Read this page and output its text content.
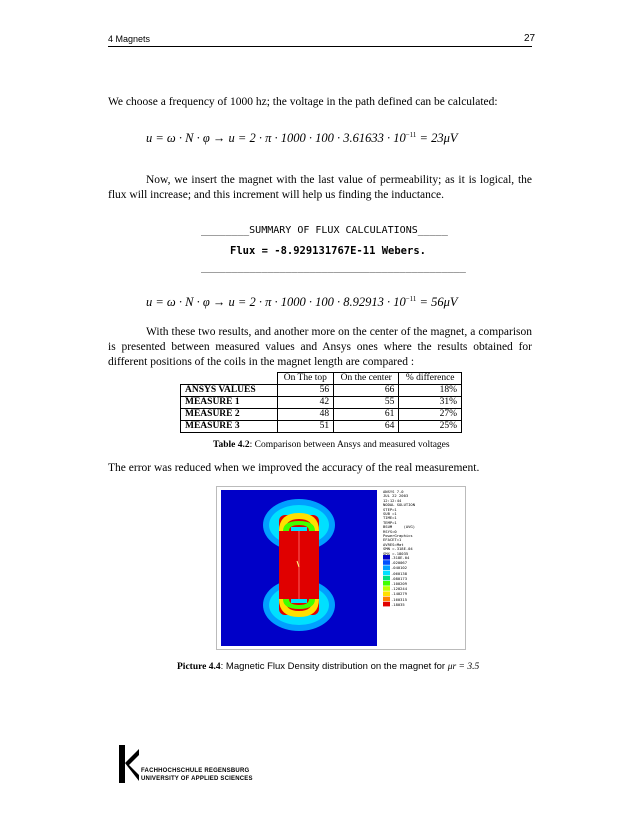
4 Magnets	27
We choose a frequency of 1000 hz; the voltage in the path defined can be calculated:
$u = \omega \cdot N \cdot \varphi \to u = 2 \cdot \pi \cdot 1000 \cdot 100 \cdot 3.61633 \cdot 10^{-11} = 23\mu V$
Now, we insert the magnet with the last value of permeability; as it is logical, the flux will increase; and this increment will help us finding the inductance.
________SUMMARY OF FLUX CALCULATIONS_____
Flux = -8.929131767E-11 Webers.
____________________________________________
$u = \omega \cdot N \cdot \varphi \to u = 2 \cdot \pi \cdot 1000 \cdot 100 \cdot 8.92913 \cdot 10^{-11} = 56\mu V$
With these two results, and another more on the center of the magnet, a comparison is presented between measured values and Ansys ones where the results obtained for different positions of the coils in the magnet length are compared :
	On The top	On the center	% difference
ANSYS VALUES	56	66	18%
MEASURE 1	42	55	31%
MEASURE 2	48	61	27%
MEASURE 3	51	64	25%
Table 4.2: Comparison between Ansys and measured voltages
The error was reduced when we improved the accuracy of the real measurement.
ANSYS 7.0
JUL 22 2003
12:12:44
NODAL SOLUTION
STEP=1
SUB =1
TIME=1
TEMP=1
BSUM     (AVG)
RSYS=0
PowerGraphics
EFACET=1
AVRES=Mat
SMN =.318E-04
SMX =.18035

.318E-04
.020067
.040102
.060138
.080173
.100209
.120244
.140279
.160315
.18035
Picture 4.4: Magnetic Flux Density distribution on the magnet for μr = 3.5
FACHHOCHSCHULE REGENSBURG
UNIVERSITY OF APPLIED SCIENCES
